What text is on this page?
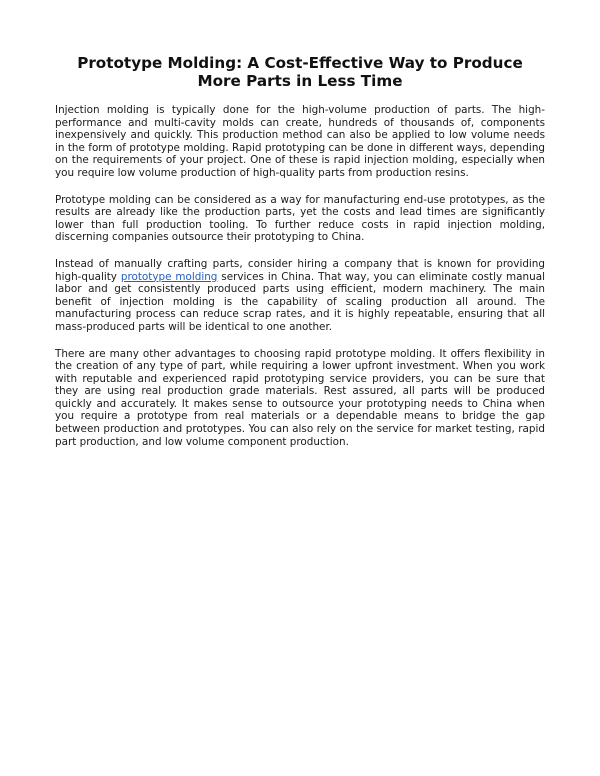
Prototype Molding: A Cost-Effective Way to Produce More Parts in Less Time

Injection molding is typically done for the high-volume production of parts. The high-performance and multi-cavity molds can create, hundreds of thousands of, components inexpensively and quickly. This production method can also be applied to low volume needs in the form of prototype molding. Rapid prototyping can be done in different ways, depending on the requirements of your project. One of these is rapid injection molding, especially when you require low volume production of high-quality parts from production resins.

Prototype molding can be considered as a way for manufacturing end-use prototypes, as the results are already like the production parts, yet the costs and lead times are significantly lower than full production tooling. To further reduce costs in rapid injection molding, discerning companies outsource their prototyping to China.

Instead of manually crafting parts, consider hiring a company that is known for providing high-quality prototype molding services in China. That way, you can eliminate costly manual labor and get consistently produced parts using efficient, modern machinery. The main benefit of injection molding is the capability of scaling production all around. The manufacturing process can reduce scrap rates, and it is highly repeatable, ensuring that all mass-produced parts will be identical to one another.

There are many other advantages to choosing rapid prototype molding. It offers flexibility in the creation of any type of part, while requiring a lower upfront investment. When you work with reputable and experienced rapid prototyping service providers, you can be sure that they are using real production grade materials. Rest assured, all parts will be produced quickly and accurately. It makes sense to outsource your prototyping needs to China when you require a prototype from real materials or a dependable means to bridge the gap between production and prototypes. You can also rely on the service for market testing, rapid part production, and low volume component production.
